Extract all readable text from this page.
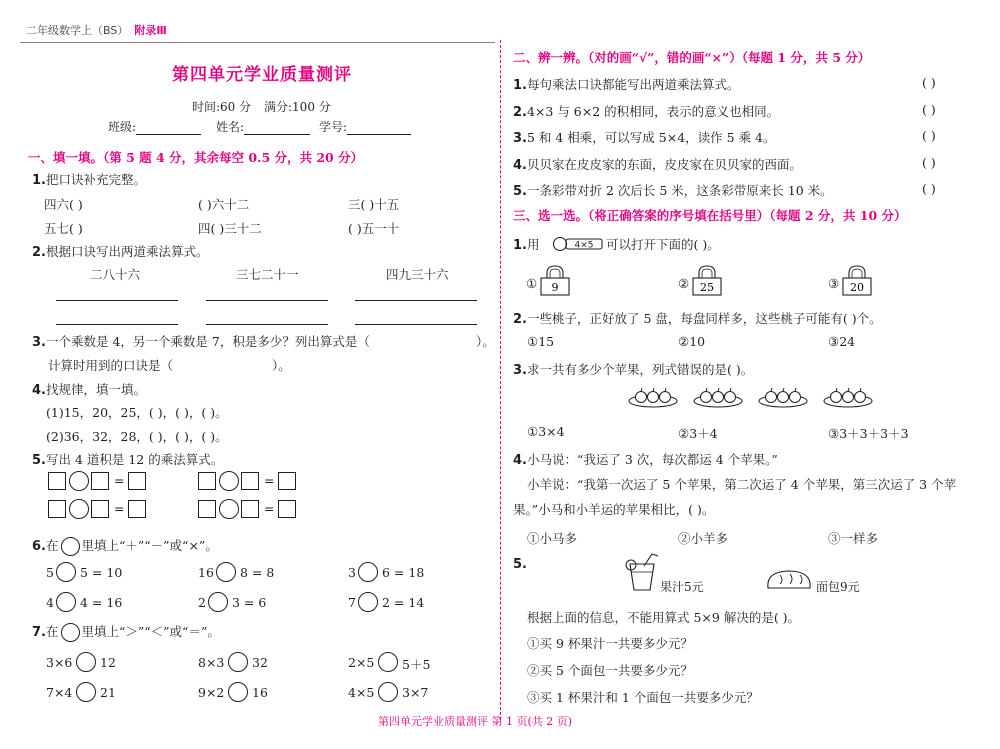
二年级数学上（BS） 附录Ⅲ
第四单元学业质量测评
时间:60 分 满分:100 分
班级:	姓名:	学号:
一、填一填。（第 5 题 4 分，其余每空 0.5 分，共 20 分）
1.把口诀补充完整。
四六( )	( )六十二	三( )十五
五七( )	四( )三十二	( )五一十
2.根据口诀写出两道乘法算式。
二八十六	三七二十一	四九三十六
3.一个乘数是 4，另一个乘数是 7，积是多少？列出算式是（	）。
计算时用到的口诀是（	）。
4.找规律，填一填。
(1)15，20，25，( )，( )，( )。
(2)36，32，28，( )，( )，( )。
5.写出 4 道积是 12 的乘法算式。
=	=
=	=
6.在 里填上“＋”“－”或“×”。
5 5 = 10	16 8 = 8	3 6 = 18
4 4 = 16	2 3 = 6	7 2 = 14
7.在 里填上“＞”“＜”或“＝”。
3×6 12	8×3 32	2×5 5＋5
7×4 21	9×2 16	4×5 3×7
二、辨一辨。（对的画“√”，错的画“×”）（每题 1 分，共 5 分）
1.每句乘法口诀都能写出两道乘法算式。	( )
2.4×3 与 6×2 的积相同，表示的意义也相同。	( )
3.5 和 4 相乘，可以写成 5×4，读作 5 乘 4。	( )
4.贝贝家在皮皮家的东面，皮皮家在贝贝家的西面。	( )
5.一条彩带对折 2 次后长 5 米，这条彩带原来长 10 米。	( )
三、选一选。（将正确答案的序号填在括号里）（每题 2 分，共 10 分）
1.用	4×5 可以打开下面的( )。
① 9	② 25	③ 20
2.一些桃子，正好放了 5 盘，每盘同样多，这些桃子可能有( )个。
①15	②10	③24
3.求一共有多少个苹果，列式错误的是( )。
①3×4	②3＋4	③3＋3＋3＋3
4.小马说：“我运了 3 次，每次都运 4 个苹果。”
小羊说：“我第一次运了 5 个苹果，第二次运了 4 个苹果，第三次运了 3 个苹
果。”小马和小羊运的苹果相比，( )。
①小马多	②小羊多	③一样多
5.
果汁5元	面包9元
根据上面的信息，不能用算式 5×9 解决的是( )。
①买 9 杯果汁一共要多少元？
②买 5 个面包一共要多少元？
③买 1 杯果汁和 1 个面包一共要多少元？
第四单元学业质量测评 第 1 页(共 2 页)
